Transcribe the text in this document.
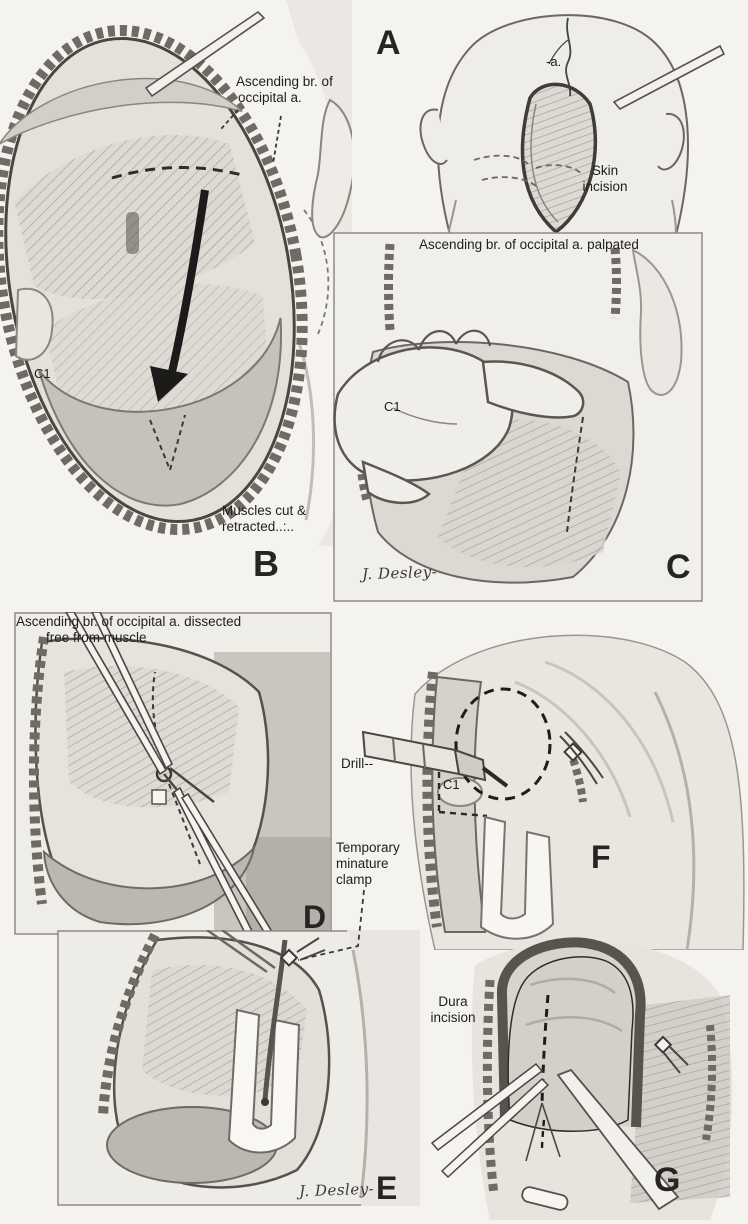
Ascending br. of
occipital a.
A	-a.
Skin
incision
Ascending br. of occipital a. palpated
C1
C1
Muscles cut &
retracted..:..
B	J. Desley-	C
Ascending br. of occipital a. dissected
free from muscle
Drill--
C1
F
Temporary
minature
clamp
D
Dura
incision
J. Desley- E	G
